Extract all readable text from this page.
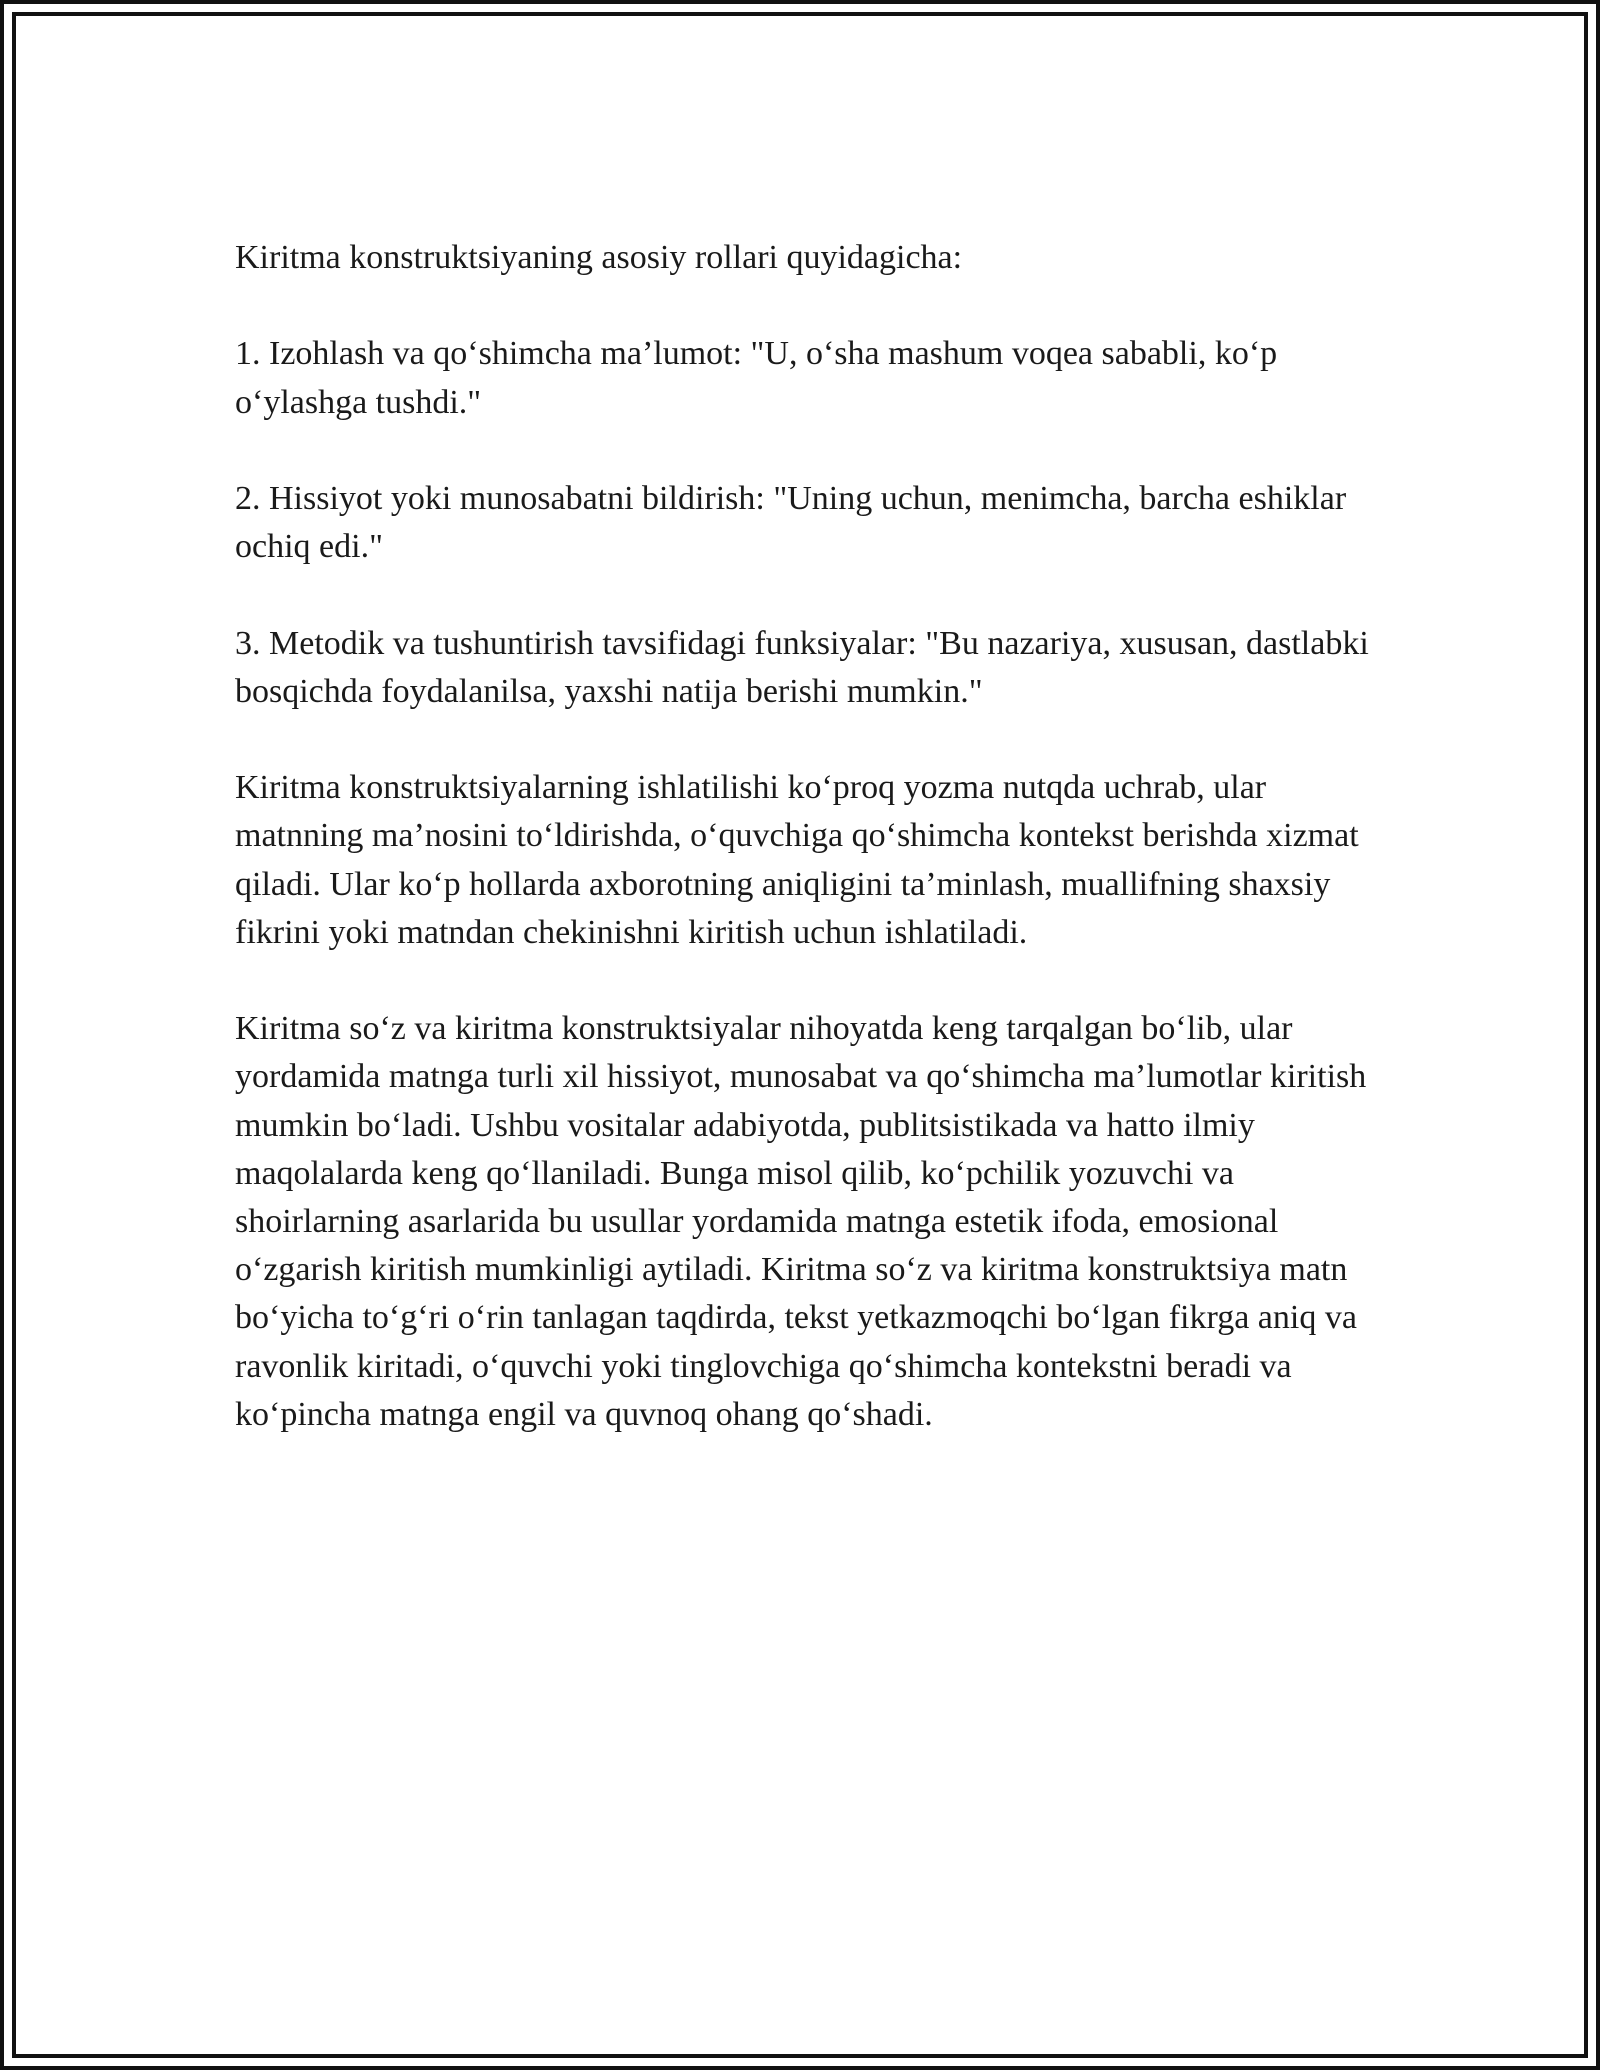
Kiritma konstruktsiyaning asosiy rollari quyidagicha:

1. Izohlash va qo‘shimcha ma’lumot: "U, o‘sha mashum voqea sababli, ko‘p o‘ylashga tushdi."

2. Hissiyot yoki munosabatni bildirish: "Uning uchun, menimcha, barcha eshiklar ochiq edi."

3. Metodik va tushuntirish tavsifidagi funksiyalar: "Bu nazariya, xususan, dastlabki bosqichda foydalanilsa, yaxshi natija berishi mumkin."

Kiritma konstruktsiyalarning ishlatilishi ko‘proq yozma nutqda uchrab, ular matnning ma’nosini to‘ldirishda, o‘quvchiga qo‘shimcha kontekst berishda xizmat qiladi. Ular ko‘p hollarda axborotning aniqligini ta’minlash, muallifning shaxsiy fikrini yoki matndan chekinishni kiritish uchun ishlatiladi.

Kiritma so‘z va kiritma konstruktsiyalar nihoyatda keng tarqalgan bo‘lib, ular yordamida matnga turli xil hissiyot, munosabat va qo‘shimcha ma’lumotlar kiritish mumkin bo‘ladi. Ushbu vositalar adabiyotda, publitsistikada va hatto ilmiy maqolalarda keng qo‘llaniladi. Bunga misol qilib, ko‘pchilik yozuvchi va shoirlarning asarlarida bu usullar yordamida matnga estetik ifoda, emosional o‘zgarish kiritish mumkinligi aytiladi. Kiritma so‘z va kiritma konstruktsiya matn bo‘yicha to‘g‘ri o‘rin tanlagan taqdirda, tekst yetkazmoqchi bo‘lgan fikrga aniq va ravonlik kiritadi, o‘quvchi yoki tinglovchiga qo‘shimcha kontekstni beradi va ko‘pincha matnga engil va quvnoq ohang qo‘shadi.
